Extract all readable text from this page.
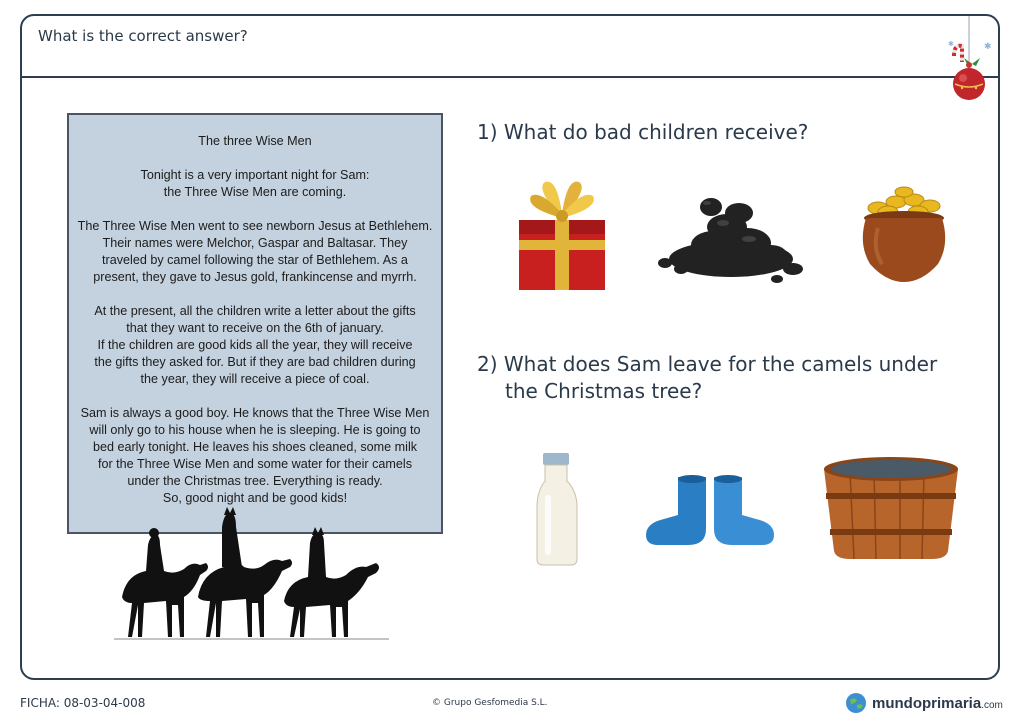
What is the correct answer?
✱
✱

The three Wise Men

Tonight is a very important night for Sam:
the Three Wise Men are coming.

The Three Wise Men went to see newborn Jesus at Bethlehem.
Their names were Melchor, Gaspar and Baltasar. They
traveled by camel following the star of Bethlehem. As a
present, they gave to Jesus gold, frankincense and myrrh.

At the present, all the children write a letter about the gifts
that they want to receive on the 6th of january.
If the children are good kids all the year, they will receive
the gifts they asked for. But if they are bad children during
the year, they will receive a piece of coal.

Sam is always a good boy. He knows that the Three Wise Men
will only go to his house when he is sleeping. He is going to
bed early tonight. He leaves his shoes cleaned, some milk
for the Three Wise Men and some water for their camels
under the Christmas tree. Everything is ready.
So, good night and be good kids!

1) What do bad children receive?
2) What does Sam leave for the camels under
the Christmas tree?
FICHA: 08-03-04-008	© Grupo Gesfomedia S.L.	mundoprimaria.com
